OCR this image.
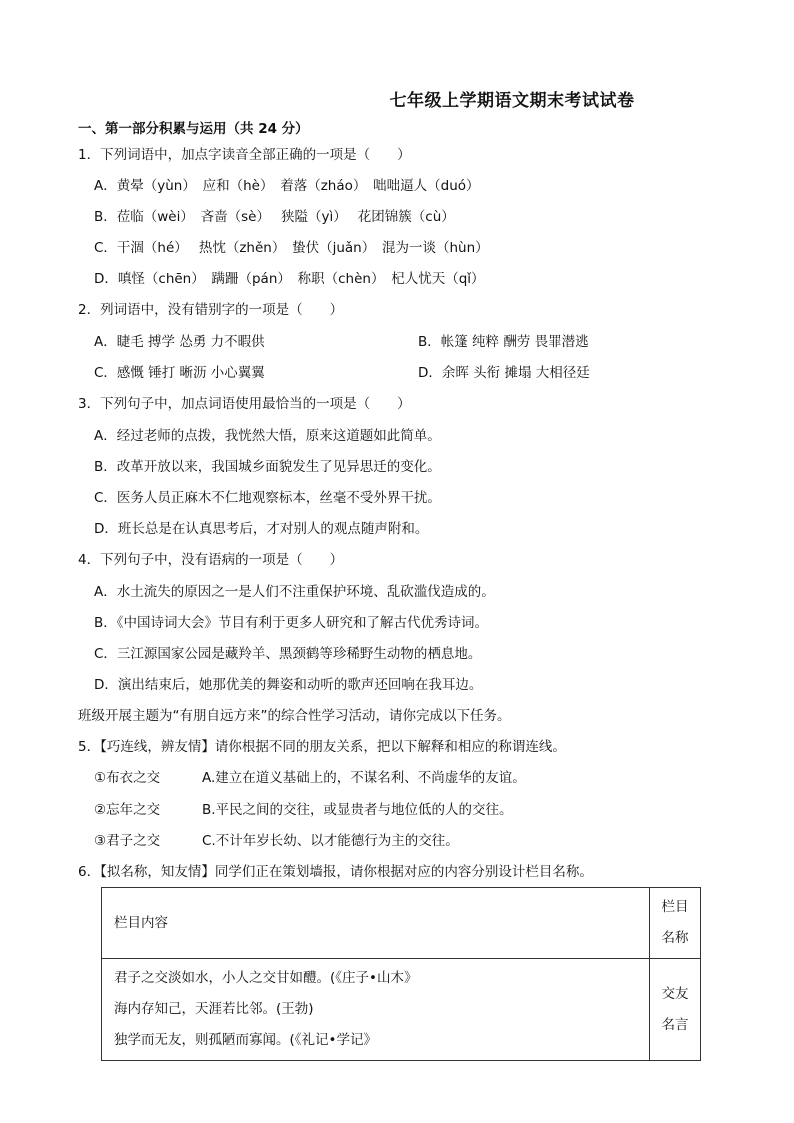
七年级上学期语文期末考试试卷
一、第一部分积累与运用（共 24 分）
1．下列词语中，加点字读音全部正确的一项是（　　）
A．黄晕（yùn）　应和（hè）　着落（zháo）　咄咄逼人（duó）
B．莅临（wèi）　吝啬（sè）　 狭隘（yì）　 花团锦簇（cù）
C．干涸（hé）　 热忱（zhěn）　蛰伏（juǎn）　混为一谈（hùn）
D．嗔怪（chēn）　蹒跚（pán）　称职（chèn）　杞人忧天（qǐ）
2．列词语中，没有错别字的一项是（　　）
A．睫毛 搏学 怂勇 力不暇供	B．帐篷 纯粹 酬劳 畏罪潜逃
C．感慨 锤打 晰沥 小心翼翼	D．余晖 头衔 摊塌 大相径廷
3．下列句子中，加点词语使用最恰当的一项是（　　）
A．经过老师的点拨，我恍然大悟，原来这道题如此简单。
B．改革开放以来，我国城乡面貌发生了见异思迁的变化。
C．医务人员正麻木不仁地观察标本，丝毫不受外界干扰。
D．班长总是在认真思考后，才对别人的观点随声附和。
4．下列句子中，没有语病的一项是（　　）
A．水土流失的原因之一是人们不注重保护环境、乱砍滥伐造成的。
B．《中国诗词大会》节目有利于更多人研究和了解古代优秀诗词。
C．三江源国家公园是藏羚羊、黑颈鹤等珍稀野生动物的栖息地。
D．演出结束后，她那优美的舞姿和动听的歌声还回响在我耳边。
班级开展主题为“有朋自远方来”的综合性学习活动，请你完成以下任务。
5．【巧连线，辨友情】请你根据不同的朋友关系，把以下解释和相应的称谓连线。
①布衣之交	A.建立在道义基础上的，不谋名利、不尚虚华的友谊。
②忘年之交	B.平民之间的交往，或显贵者与地位低的人的交往。
③君子之交	C.不计年岁长幼、以才能德行为主的交往。
6．【拟名称，知友情】同学们正在策划墙报，请你根据对应的内容分别设计栏目名称。
栏目内容	栏目名称

君子之交淡如水，小人之交甘如醴。(《庄子•山木》
海内存知己，天涯若比邻。(王勃)
独学而无友，则孤陋而寡闻。(《礼记•学记》	交友名言
